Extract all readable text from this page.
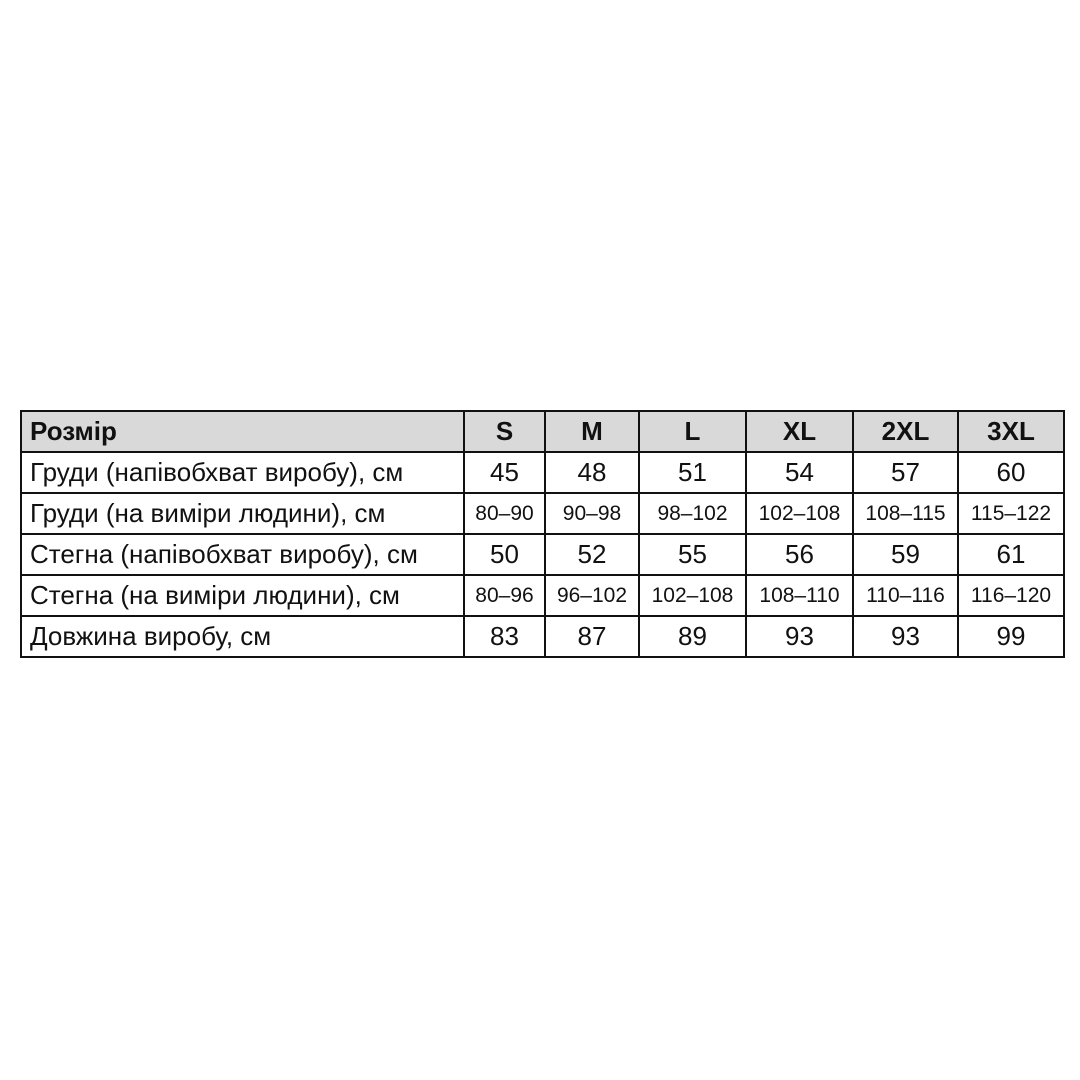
Розмір	S	M	L	XL	2XL	3XL
Груди (напівобхват виробу), см	45	48	51	54	57	60
Груди (на виміри людини), см	80–90	90–98	98–102	102–108	108–115	115–122
Стегна (напівобхват виробу), см	50	52	55	56	59	61
Стегна (на виміри людини), см	80–96	96–102	102–108	108–110	110–116	116–120
Довжина виробу, см	83	87	89	93	93	99
